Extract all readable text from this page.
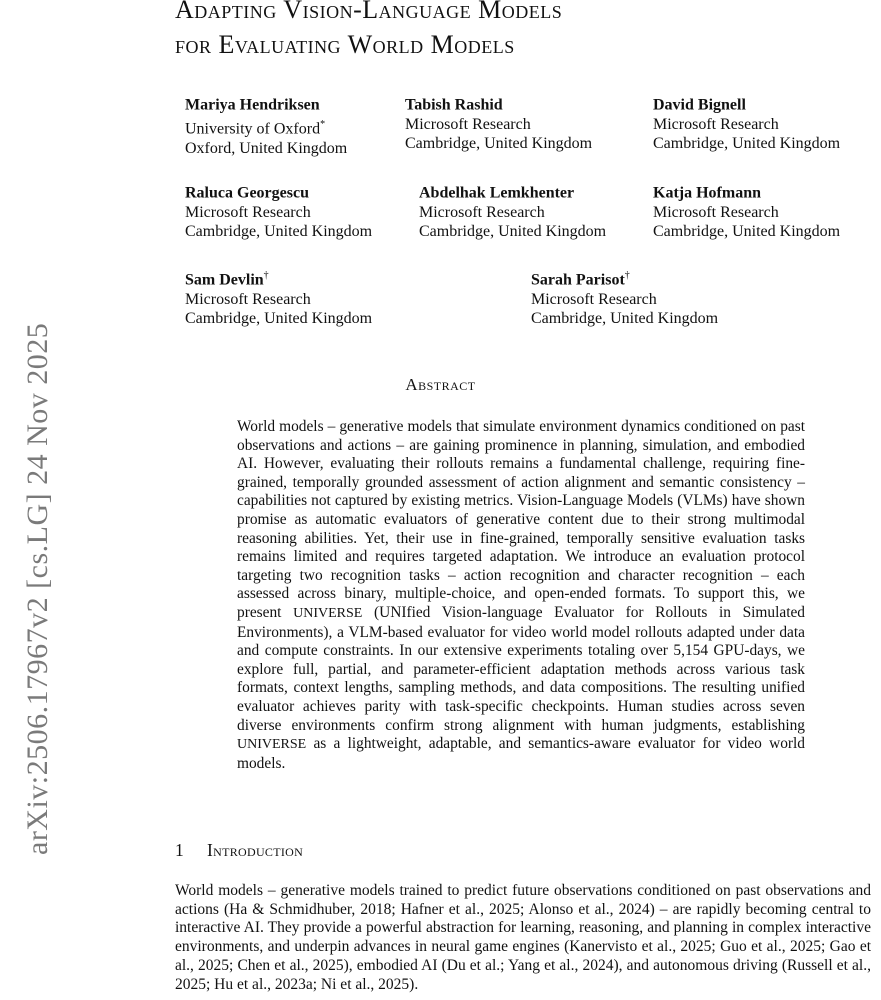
arXiv:2506.17967v2 [cs.LG] 24 Nov 2025
Adapting Vision-Language Models
for Evaluating World Models
Mariya Hendriksen
University of Oxford*
Oxford, United Kingdom
Tabish Rashid
Microsoft Research
Cambridge, United Kingdom
David Bignell
Microsoft Research
Cambridge, United Kingdom
Raluca Georgescu
Microsoft Research
Cambridge, United Kingdom
Abdelhak Lemkhenter
Microsoft Research
Cambridge, United Kingdom
Katja Hofmann
Microsoft Research
Cambridge, United Kingdom
Sam Devlin†
Microsoft Research
Cambridge, United Kingdom
Sarah Parisot†
Microsoft Research
Cambridge, United Kingdom
Abstract

World models – generative models that simulate environment dynamics conditioned on past observations and actions – are gaining prominence in planning, simulation, and embodied AI. However, evaluating their rollouts remains a fundamental challenge, requiring fine-grained, temporally grounded assessment of action alignment and semantic consistency – capabilities not captured by existing metrics. Vision-Language Models (VLMs) have shown promise as automatic evaluators of generative content due to their strong multimodal reasoning abilities. Yet, their use in fine-grained, temporally sensitive evaluation tasks remains limited and requires targeted adaptation. We introduce an evaluation protocol targeting two recognition tasks – action recognition and character recognition – each assessed across binary, multiple-choice, and open-ended formats. To support this, we present UNIVERSE (UNIfied Vision-language Evaluator for Rollouts in Simulated Environments), a VLM-based evaluator for video world model rollouts adapted under data and compute constraints. In our extensive experiments totaling over 5,154 GPU-days, we explore full, partial, and parameter-efficient adaptation methods across various task formats, context lengths, sampling methods, and data compositions. The resulting unified evaluator achieves parity with task-specific checkpoints. Human studies across seven diverse environments confirm strong alignment with human judgments, establishing UNIVERSE as a lightweight, adaptable, and semantics-aware evaluator for video world models.

1 Introduction

World models – generative models trained to predict future observations conditioned on past observations and actions (Ha & Schmidhuber, 2018; Hafner et al., 2025; Alonso et al., 2024) – are rapidly becoming central to interactive AI. They provide a powerful abstraction for learning, reasoning, and planning in complex interactive environments, and underpin advances in neural game engines (Kanervisto et al., 2025; Guo et al., 2025; Gao et al., 2025; Chen et al., 2025), embodied AI (Du et al.; Yang et al., 2024), and autonomous driving (Russell et al., 2025; Hu et al., 2023a; Ni et al., 2025).
